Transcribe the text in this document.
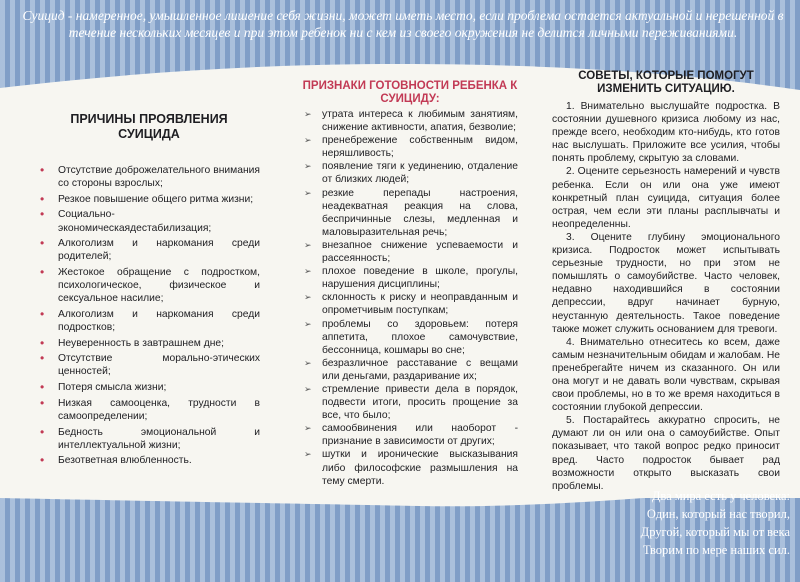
Суицид - намеренное, умышленное лишение себя жизни, может иметь место, если проблема остается актуальной и нерешенной в течение нескольких месяцев и при этом ребенок ни с кем из своего окружения не делится личными переживаниями.
Два мира есть у человека:
Один, который нас творил,
Другой, который мы от века
Творим по мере наших сил.
ПРИЧИНЫ ПРОЯВЛЕНИЯ СУИЦИДА
• Отсутствие доброжелательного внимания со стороны взрослых;
• Резкое повышение общего ритма жизни;
• Социально-экономическаядестабилизация;
• Алкоголизм и наркомания среди родителей;
• Жестокое обращение с подростком, психологическое, физическое и сексуальное насилие;
• Алкоголизм и наркомания среди подростков;
• Неуверенность в завтрашнем дне;
• Отсутствие морально-этических ценностей;
• Потеря смысла жизни;
• Низкая самооценка, трудности в самоопределении;
• Бедность эмоциональной и интеллектуальной жизни;
• Безответная влюбленность.
ПРИЗНАКИ ГОТОВНОСТИ РЕБЕНКА К СУИЦИДУ:
➢ утрата интереса к любимым занятиям, снижение активности, апатия, безволие;
➢ пренебрежение собственным видом, неряшливость;
➢ появление тяги к уединению, отдаление от близких людей;
➢ резкие перепады настроения, неадекватная реакция на слова, беспричинные слезы, медленная и маловыразительная речь;
➢ внезапное снижение успеваемости и рассеянность;
➢ плохое поведение в школе, прогулы, нарушения дисциплины;
➢ склонность к риску и неоправданным и опрометчивым поступкам;
➢ проблемы со здоровьем: потеря аппетита, плохое самочувствие, бессонница, кошмары во сне;
➢ безразличное расставание с вещами или деньгами, раздаривание их;
➢ стремление привести дела в порядок, подвести итоги, просить прощение за все, что было;
➢ самообвинения или наоборот - признание в зависимости от других;
➢ шутки и иронические высказывания либо философские размышления на тему смерти.
СОВЕТЫ, КОТОРЫЕ ПОМОГУТ ИЗМЕНИТЬ СИТУАЦИЮ.

1. Внимательно выслушайте подростка. В состоянии душевного кризиса любому из нас, прежде всего, необходим кто-нибудь, кто готов нас выслушать. Приложите все усилия, чтобы понять проблему, скрытую за словами.

2. Оцените серьезность намерений и чувств ребенка. Если он или она уже имеют конкретный план суицида, ситуация более острая, чем если эти планы расплывчаты и неопределенны.

3. Оцените глубину эмоционального кризиса. Подросток может испытывать серьезные трудности, но при этом не помышлять о самоубийстве. Часто человек, недавно находившийся в состоянии депрессии, вдруг начинает бурную, неустанную деятельность. Такое поведение также может служить основанием для тревоги.

4. Внимательно отнеситесь ко всем, даже самым незначительным обидам и жалобам. Не пренебрегайте ничем из сказанного. Он или она могут и не давать воли чувствам, скрывая свои проблемы, но в то же время находиться в состоянии глубокой депрессии.

5. Постарайтесь аккуратно спросить, не думают ли он или она о самоубийстве. Опыт показывает, что такой вопрос редко приносит вред. Часто подросток бывает рад возможности открыто высказать свои проблемы.
